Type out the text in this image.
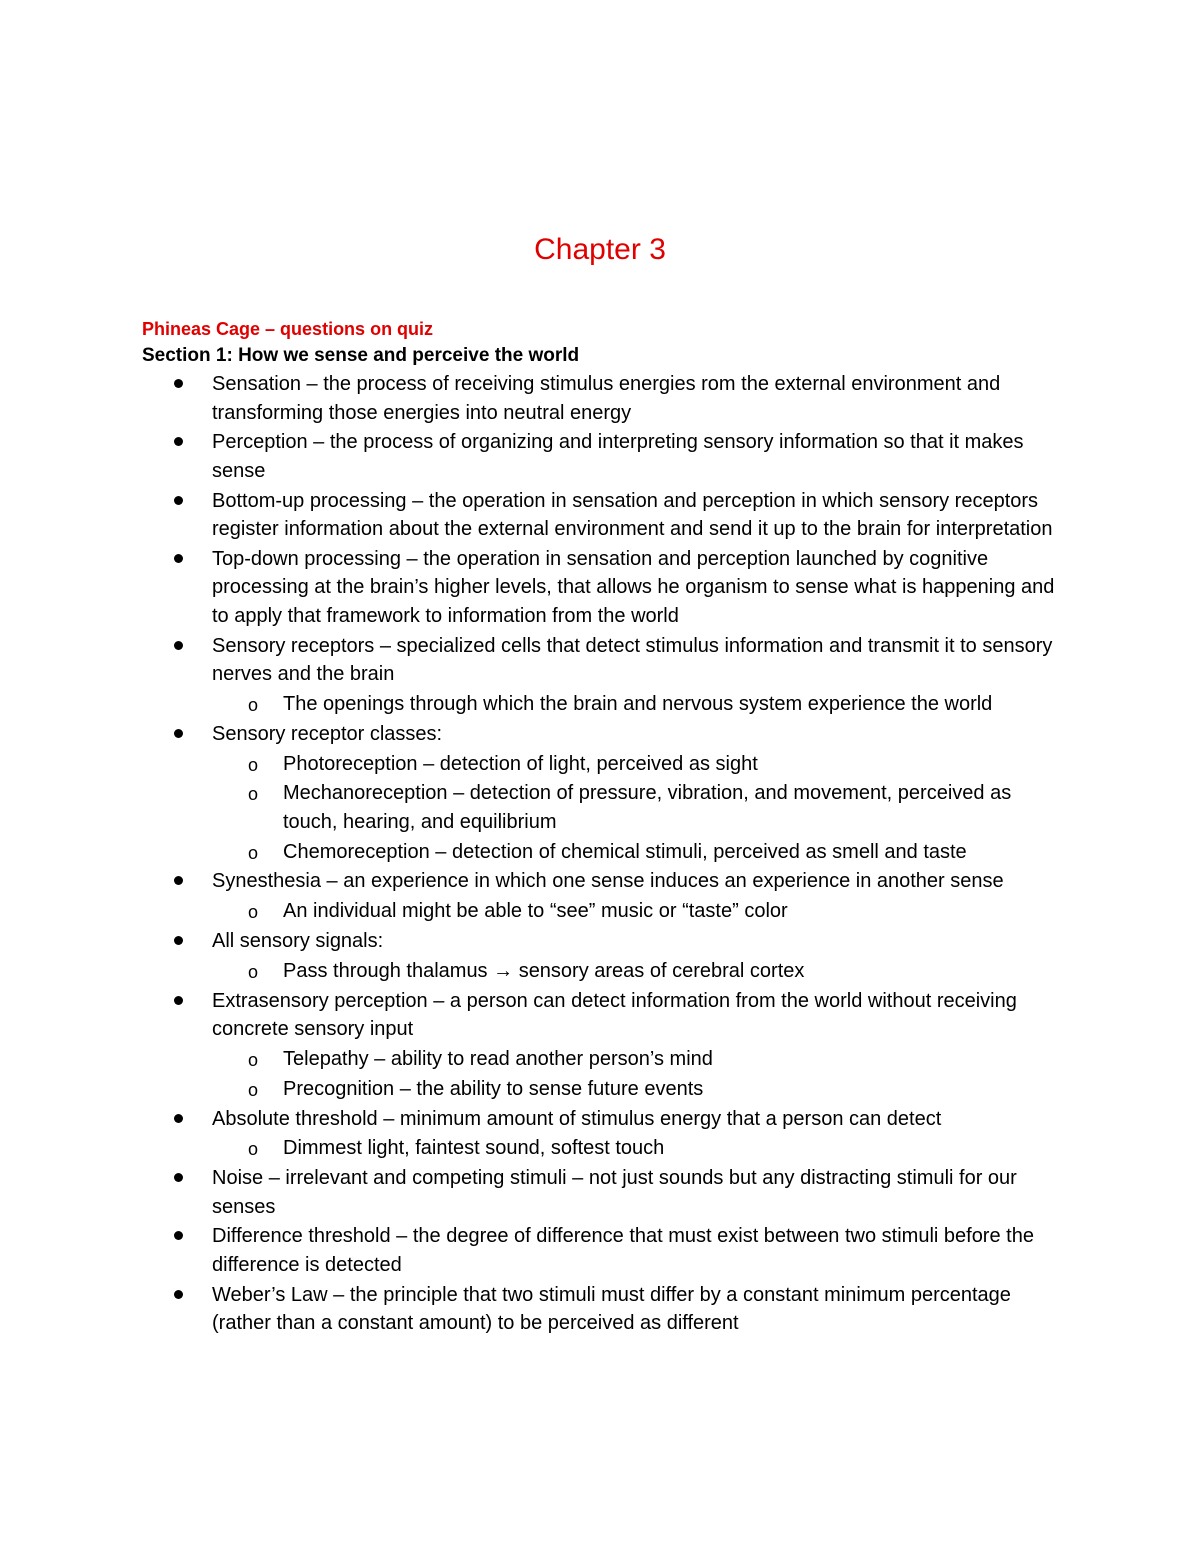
Chapter 3
Phineas Cage – questions on quiz
Section 1: How we sense and perceive the world
Sensation – the process of receiving stimulus energies rom the external environment and transforming those energies into neutral energy
Perception – the process of organizing and interpreting sensory information so that it makes sense
Bottom-up processing – the operation in sensation and perception in which sensory receptors register information about the external environment and send it up to the brain for interpretation
Top-down processing – the operation in sensation and perception launched by cognitive processing at the brain’s higher levels, that allows he organism to sense what is happening and to apply that framework to information from the world
Sensory receptors – specialized cells that detect stimulus information and transmit it to sensory nerves and the brain
o The openings through which the brain and nervous system experience the world
Sensory receptor classes:
o Photoreception – detection of light, perceived as sight
o Mechanoreception – detection of pressure, vibration, and movement, perceived as touch, hearing, and equilibrium
o Chemoreception – detection of chemical stimuli, perceived as smell and taste
Synesthesia – an experience in which one sense induces an experience in another sense
o An individual might be able to “see” music or “taste” color
All sensory signals:
o Pass through thalamus → sensory areas of cerebral cortex
Extrasensory perception – a person can detect information from the world without receiving concrete sensory input
o Telepathy – ability to read another person’s mind
o Precognition – the ability to sense future events
Absolute threshold – minimum amount of stimulus energy that a person can detect
o Dimmest light, faintest sound, softest touch
Noise – irrelevant and competing stimuli – not just sounds but any distracting stimuli for our senses
Difference threshold – the degree of difference that must exist between two stimuli before the difference is detected
Weber’s Law – the principle that two stimuli must differ by a constant minimum percentage (rather than a constant amount) to be perceived as different
